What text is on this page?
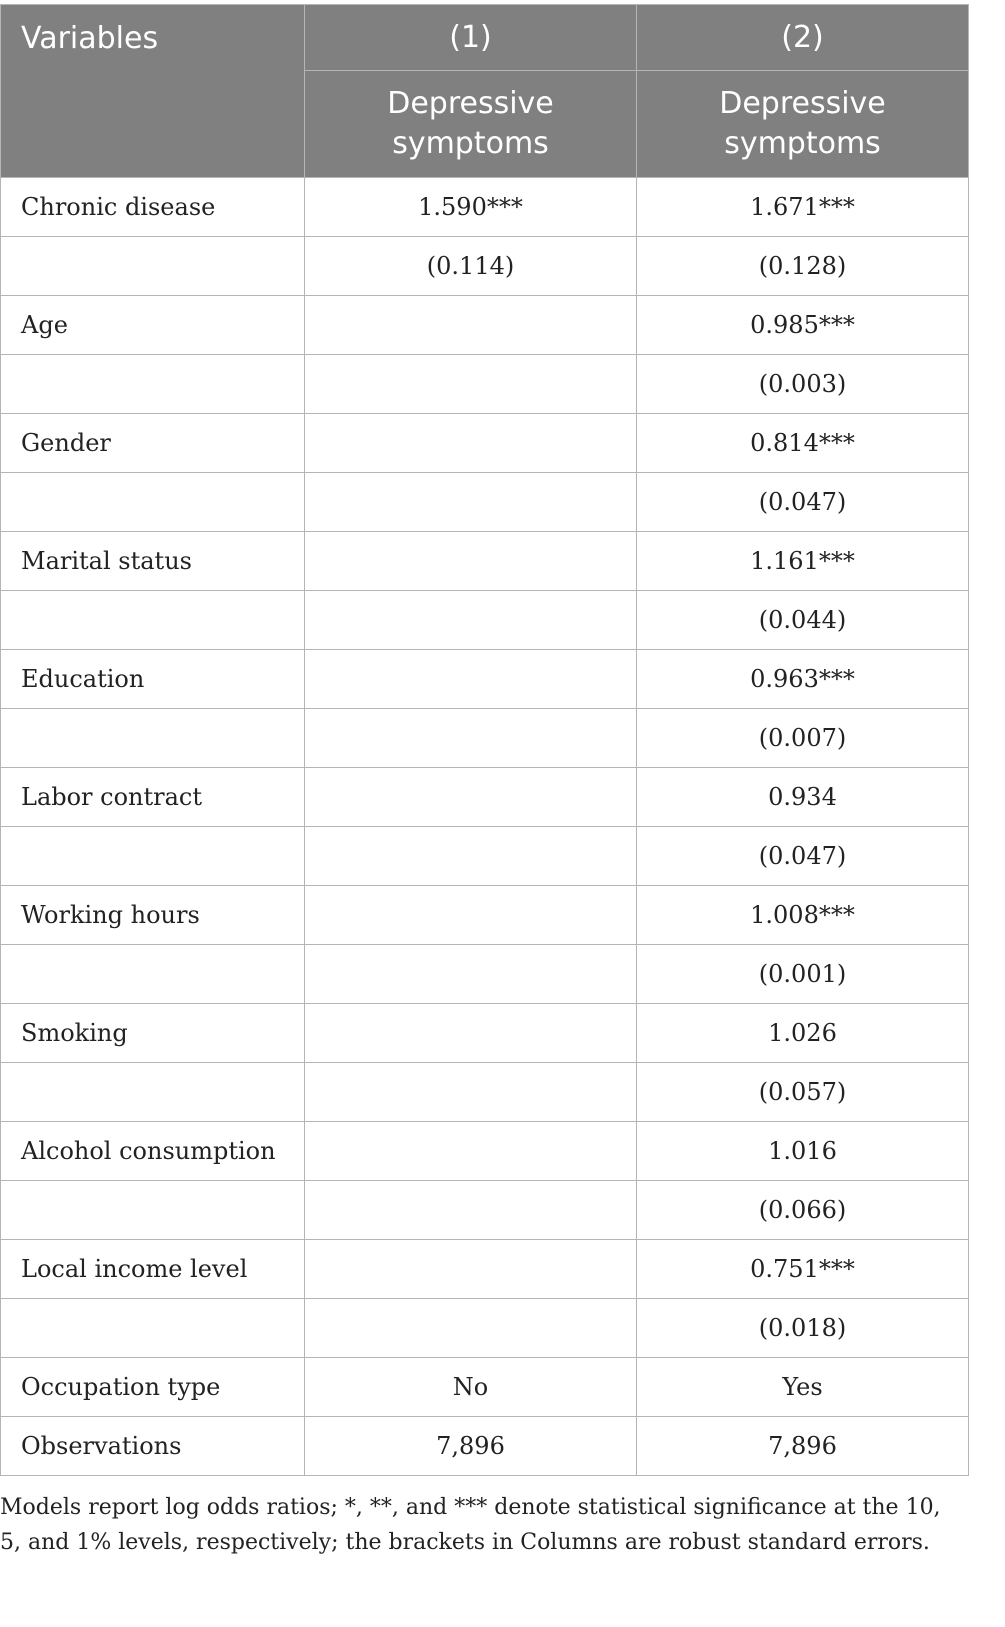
Variables	(1)	(2)
	Depressive symptoms	Depressive symptoms
Chronic disease	1.590***	1.671***
	(0.114)	(0.128)
Age		0.985***
		(0.003)
Gender		0.814***
		(0.047)
Marital status		1.161***
		(0.044)
Education		0.963***
		(0.007)
Labor contract		0.934
		(0.047)
Working hours		1.008***
		(0.001)
Smoking		1.026
		(0.057)
Alcohol consumption		1.016
		(0.066)
Local income level		0.751***
		(0.018)
Occupation type	No	Yes
Observations	7,896	7,896
Models report log odds ratios; *, **, and *** denote statistical significance at the 10, 5, and 1% levels, respectively; the brackets in Columns are robust standard errors.
